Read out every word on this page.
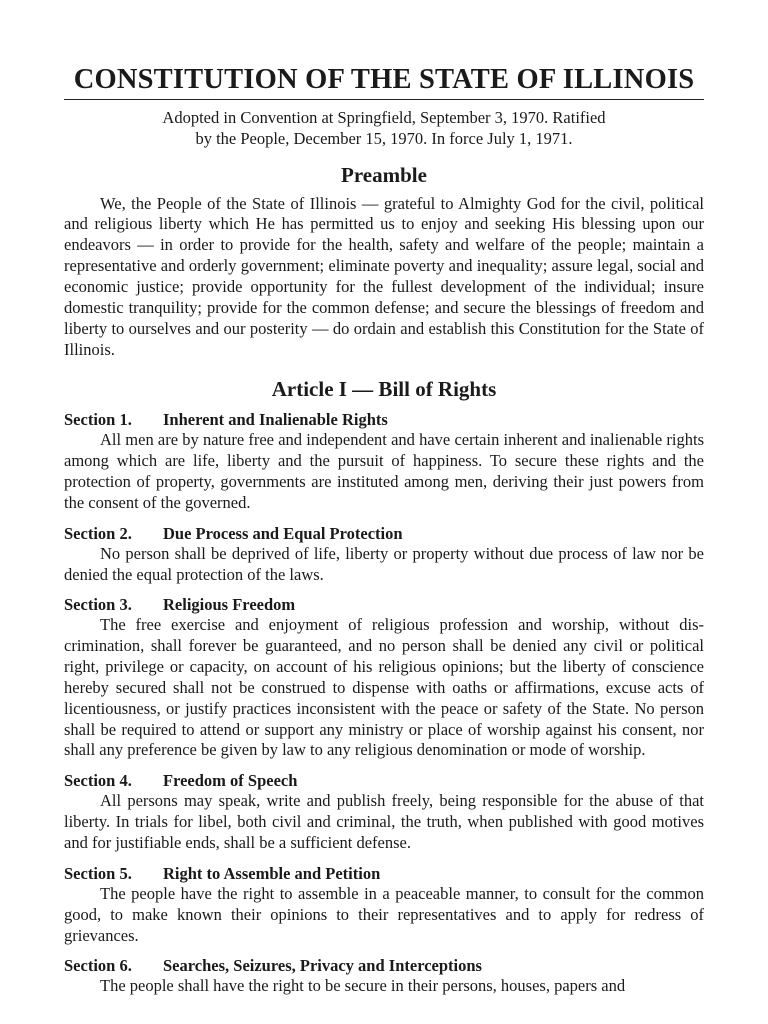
CONSTITUTION OF THE STATE OF ILLINOIS

Adopted in Convention at Springfield, September 3, 1970. Ratified
by the People, December 15, 1970. In force July 1, 1971.

Preamble

We, the People of the State of Illinois — grateful to Almighty God for the civil, political and religious liberty which He has permitted us to enjoy and seeking His blessing upon our endeavors — in order to provide for the health, safety and welfare of the people; maintain a representative and orderly government; eliminate poverty and inequality; assure legal, social and economic justice; provide opportunity for the fullest development of the individual; insure domestic tranquility; provide for the common defense; and secure the blessings of freedom and liberty to ourselves and our posterity — do ordain and establish this Constitution for the State of Illinois.

Article I — Bill of Rights
Section 1. Inherent and Inalienable Rights

All men are by nature free and independent and have certain inherent and inalienable rights among which are life, liberty and the pursuit of happiness. To secure these rights and the protection of property, governments are instituted among men, deriving their just powers from the consent of the governed.

Section 2. Due Process and Equal Protection

No person shall be deprived of life, liberty or property without due process of law nor be denied the equal protection of the laws.

Section 3. Religious Freedom

The free exercise and enjoyment of religious profession and worship, without discrimination, shall forever be guaranteed, and no person shall be denied any civil or political right, privilege or capacity, on account of his religious opinions; but the liberty of conscience hereby secured shall not be construed to dispense with oaths or affirmations, excuse acts of licentiousness, or justify practices inconsistent with the peace or safety of the State. No person shall be required to attend or support any ministry or place of worship against his consent, nor shall any preference be given by law to any religious denomination or mode of worship.

Section 4. Freedom of Speech

All persons may speak, write and publish freely, being responsible for the abuse of that liberty. In trials for libel, both civil and criminal, the truth, when published with good motives and for justifiable ends, shall be a sufficient defense.

Section 5. Right to Assemble and Petition

The people have the right to assemble in a peaceable manner, to consult for the common good, to make known their opinions to their representatives and to apply for redress of grievances.

Section 6. Searches, Seizures, Privacy and Interceptions

The people shall have the right to be secure in their persons, houses, papers and
